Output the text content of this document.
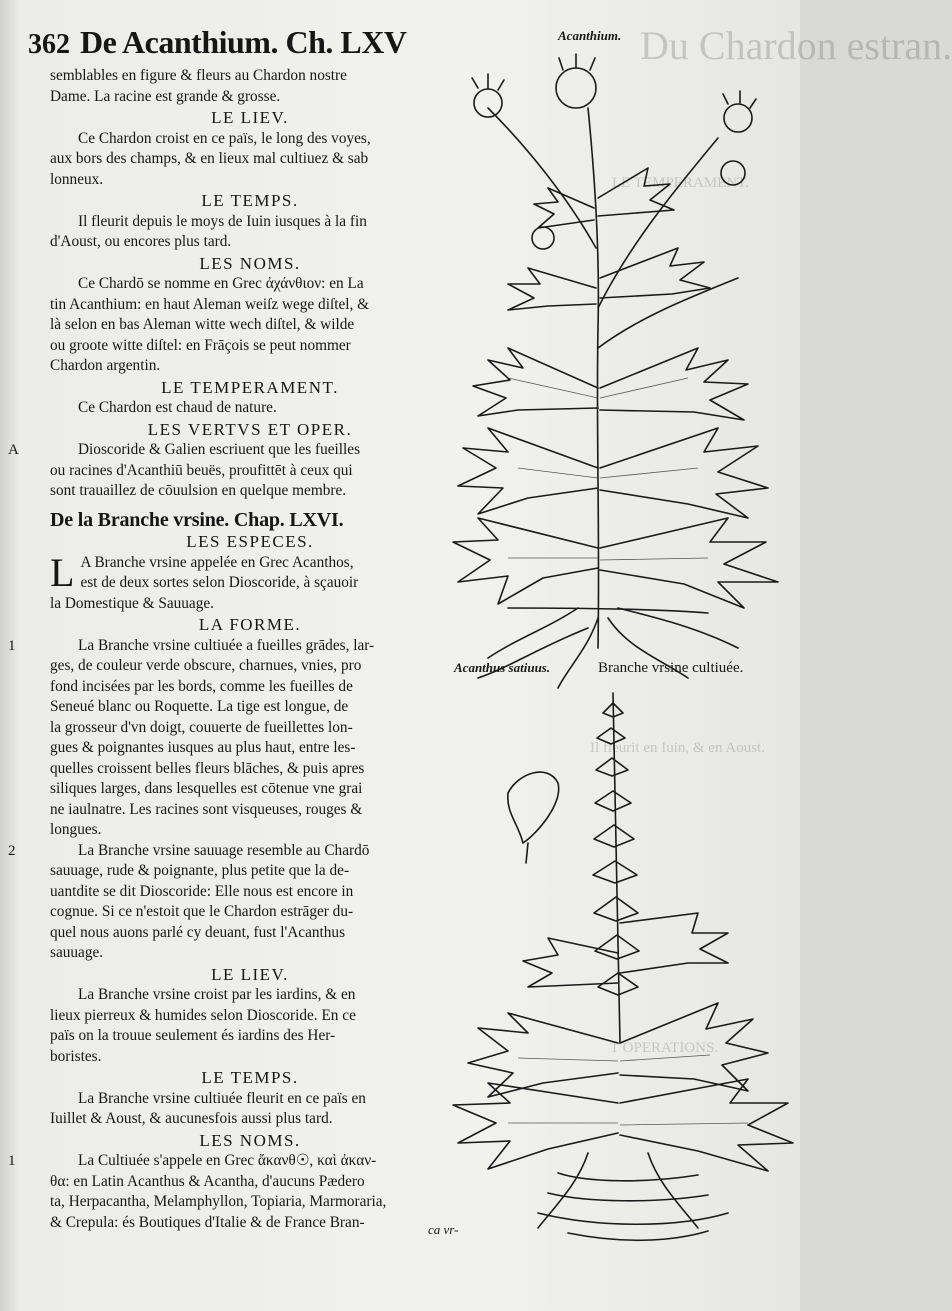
Du Chardon estran.
LE TEMPERAMENT.
Il fleurit en Iuin, & en Aoust.
T OPERATIONS.
362 De Acanthium. Ch. LXV
semblables en figure & fleurs au Chardon nostre
Dame. La racine est grande & grosse.
LE LIEV.
Ce Chardon croist en ce païs, le long des voyes,
aux bors des champs, & en lieux mal cultiuez & sab
lonneux.
LE TEMPS.
Il fleurit depuis le moys de Iuin iusques à la fin
d'Aoust, ou encores plus tard.
LES NOMS.
Ce Chardō se nomme en Grec ἀχάνθιον: en La
tin Acanthium: en haut Aleman weiſz wege diſtel, &
là selon en bas Aleman witte wech diſtel, & wilde
ou groote witte diſtel: en Frāçois se peut nommer
Chardon argentin.
LE TEMPERAMENT.
Ce Chardon est chaud de nature.
LES VERTVS ET OPER.
A	Dioscoride & Galien escriuent que les fueilles
ou racines d'Acanthiū beuës, proufittēt à ceux qui
sont trauaillez de cōuulsion en quelque membre.
De la Branche vrsine. Chap. LXVI.
LES ESPECES.
L A Branche vrsine appelée en Grec Acanthos,
est de deux sortes selon Dioscoride, à sçauoir
la Domestique & Sauuage.
LA FORME.
1	La Branche vrsine cultiuée a fueilles grādes, lar-
ges, de couleur verde obscure, charnues, vnies, pro
fond incisées par les bords, comme les fueilles de
Seneué blanc ou Roquette. La tige est longue, de
la grosseur d'vn doigt, couuerte de fueillettes lon-
gues & poignantes iusques au plus haut, entre les-
quelles croissent belles fleurs blāches, & puis apres
siliques larges, dans lesquelles est cōtenue vne grai
ne iaulnatre. Les racines sont visqueuses, rouges &
longues.
2	La Branche vrsine sauuage resemble au Chardō
sauuage, rude & poignante, plus petite que la de-
uantdite se dit Dioscoride: Elle nous est encore in
cognue. Si ce n'estoit que le Chardon estrāger du-
quel nous auons parlé cy deuant, fust l'Acanthus
sauuage.
LE LIEV.
La Branche vrsine croist par les iardins, & en
lieux pierreux & humides selon Dioscoride. En ce
païs on la trouue seulement és iardins des Her-
boristes.
LE TEMPS.
La Branche vrsine cultiuée fleurit en ce païs en
Iuillet & Aoust, & aucunesfois aussi plus tard.
LES NOMS.
1	La Cultiuée s'appele en Grec ἄκανθ☉, καὶ ἀκαν-
θα: en Latin Acanthus & Acantha, d'aucuns Pædero
ta, Herpacantha, Melamphyllon, Topiaria, Marmoraria,
& Crepula: és Boutiques d'Italie & de France Bran-
Acanthium.
Acanthus satiuus.	Branche vrsine cultiuée.
ca vr-
